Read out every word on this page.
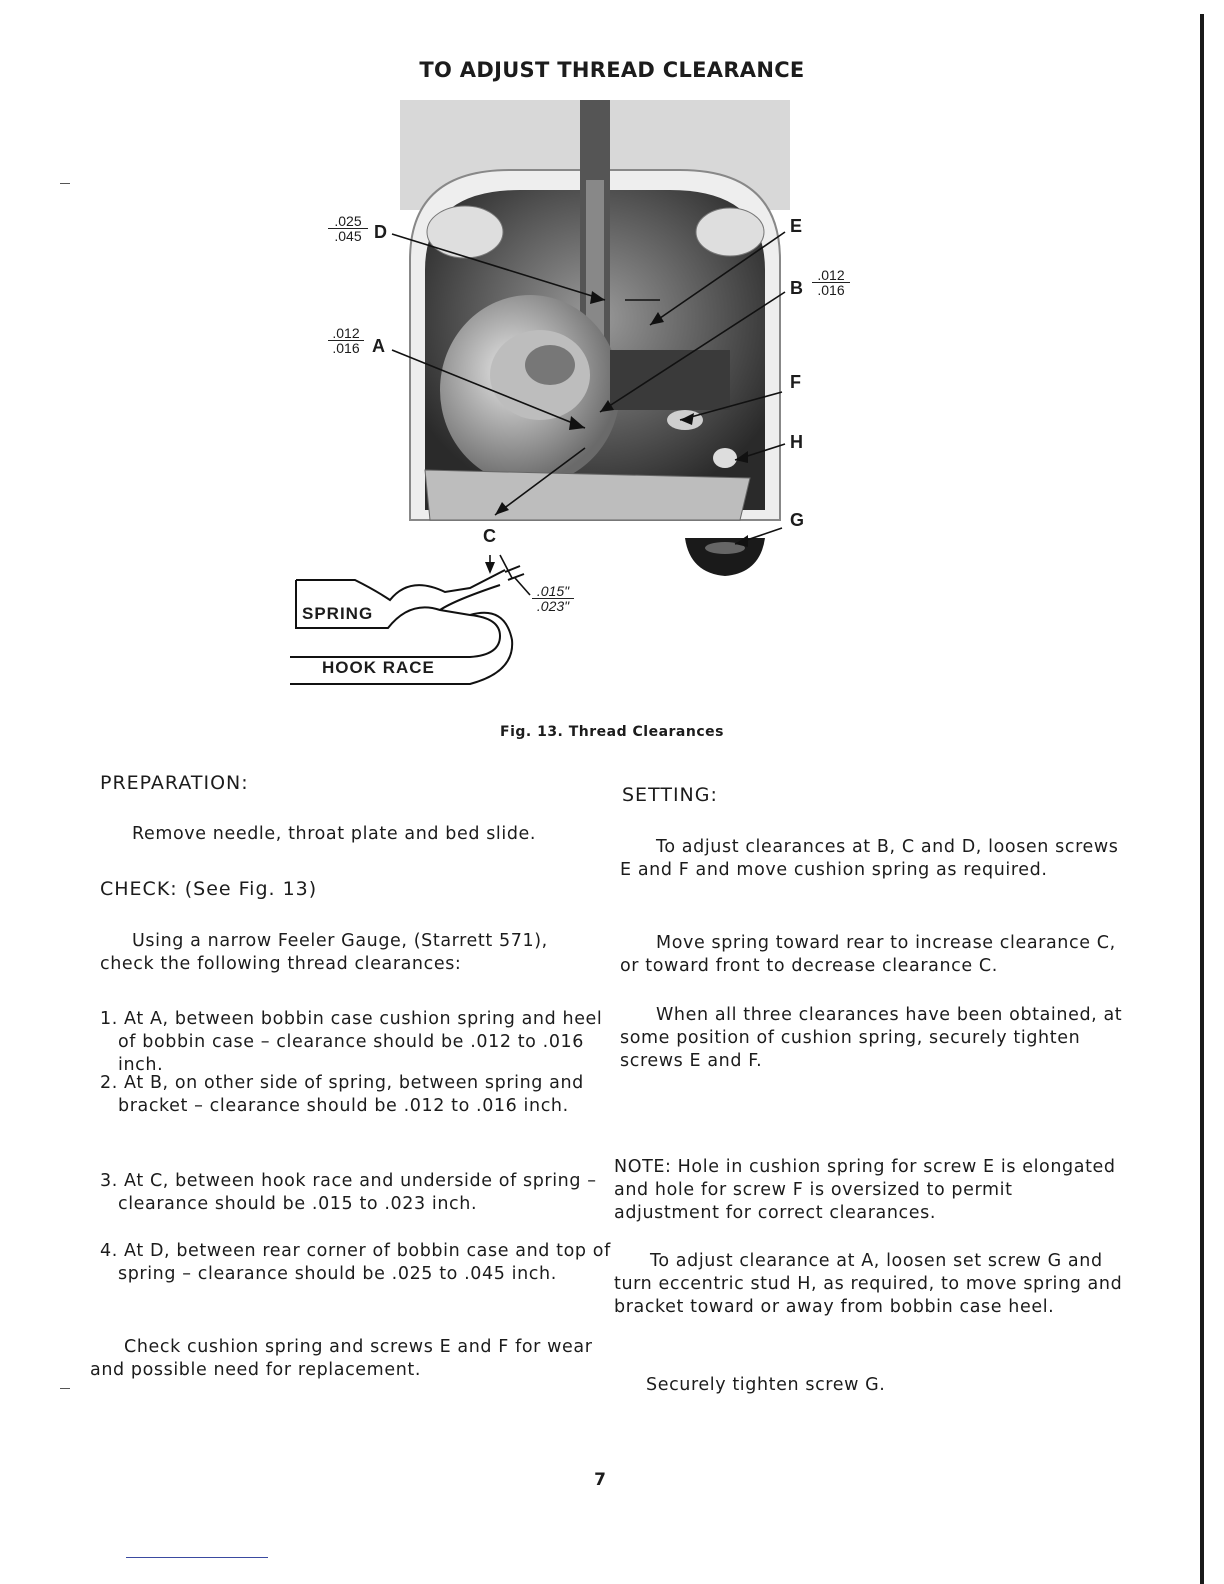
TO ADJUST THREAD CLEARANCE
.025
.045 D
.012
.016 A
E
B
.012
.016
F
H
G
C
.015"
.023"
SPRING
HOOK RACE
Fig. 13. Thread Clearances
PREPARATION:
Remove needle, throat plate and bed slide.
CHECK: (See Fig. 13)
Using a narrow Feeler Gauge, (Starrett 571), check the following thread clearances:
1. At A, between bobbin case cushion spring and heel of bobbin case – clearance should be .012 to .016 inch.
2. At B, on other side of spring, between spring and bracket – clearance should be .012 to .016 inch.
3. At C, between hook race and underside of spring – clearance should be .015 to .023 inch.
4. At D, between rear corner of bobbin case and top of spring – clearance should be .025 to .045 inch.
Check cushion spring and screws E and F for wear and possible need for replacement.
SETTING:
To adjust clearances at B, C and D, loosen screws E and F and move cushion spring as required.
Move spring toward rear to increase clearance C, or toward front to decrease clearance C.
When all three clearances have been obtained, at some position of cushion spring, securely tighten screws E and F.
NOTE: Hole in cushion spring for screw E is elongated and hole for screw F is oversized to permit adjustment for correct clearances.
To adjust clearance at A, loosen set screw G and turn eccentric stud H, as required, to move spring and bracket toward or away from bobbin case heel.
Securely tighten screw G.
7
